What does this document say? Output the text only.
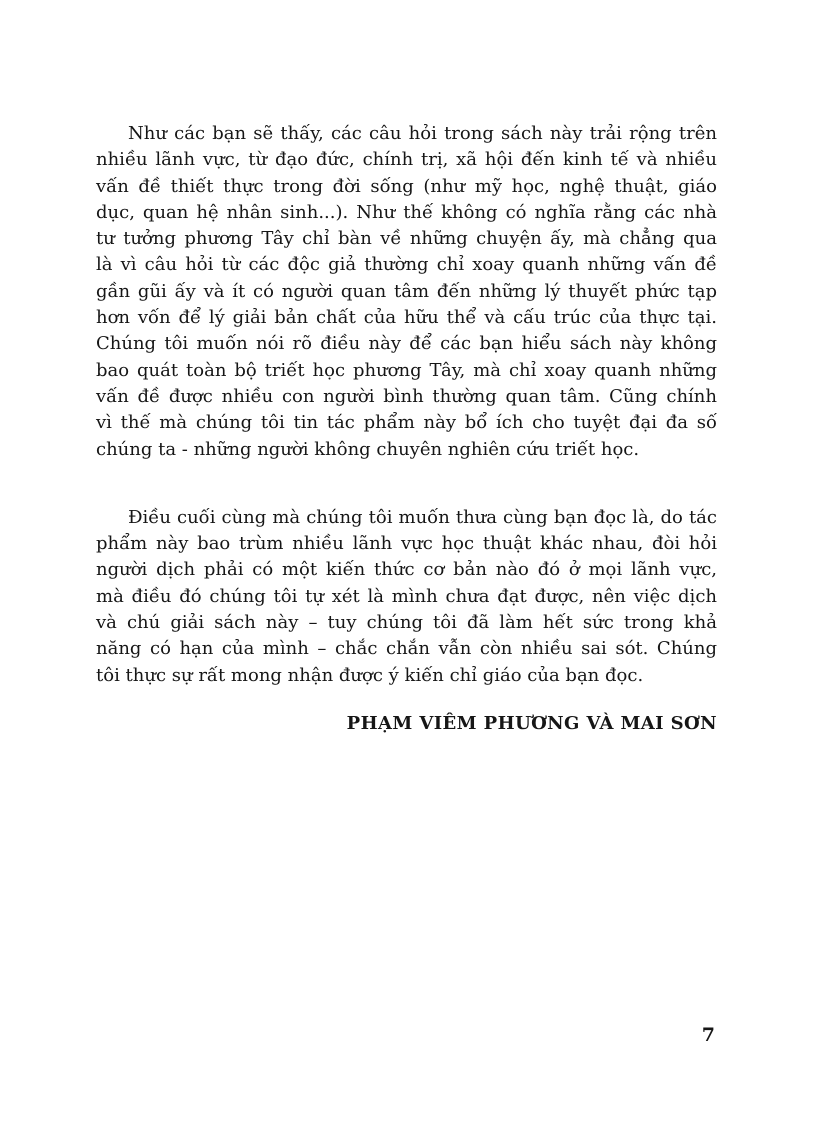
Như các bạn sẽ thấy, các câu hỏi trong sách này trải rộng trên
nhiều lãnh vực, từ đạo đức, chính trị, xã hội đến kinh tế và nhiều
vấn đề thiết thực trong đời sống (như mỹ học, nghệ thuật, giáo
dục, quan hệ nhân sinh...). Như thế không có nghĩa rằng các nhà
tư tưởng phương Tây chỉ bàn về những chuyện ấy, mà chẳng qua
là vì câu hỏi từ các độc giả thường chỉ xoay quanh những vấn đề
gần gũi ấy và ít có người quan tâm đến những lý thuyết phức tạp
hơn vốn để lý giải bản chất của hữu thể và cấu trúc của thực tại.
Chúng tôi muốn nói rõ điều này để các bạn hiểu sách này không
bao quát toàn bộ triết học phương Tây, mà chỉ xoay quanh những
vấn đề được nhiều con người bình thường quan tâm. Cũng chính
vì thế mà chúng tôi tin tác phẩm này bổ ích cho tuyệt đại đa số
chúng ta - những người không chuyên nghiên cứu triết học.
Điều cuối cùng mà chúng tôi muốn thưa cùng bạn đọc là, do tác
phẩm này bao trùm nhiều lãnh vực học thuật khác nhau, đòi hỏi
người dịch phải có một kiến thức cơ bản nào đó ở mọi lãnh vực,
mà điều đó chúng tôi tự xét là mình chưa đạt được, nên việc dịch
và chú giải sách này – tuy chúng tôi đã làm hết sức trong khả
năng có hạn của mình – chắc chắn vẫn còn nhiều sai sót. Chúng
tôi thực sự rất mong nhận được ý kiến chỉ giáo của bạn đọc.
PHẠM VIÊM PHƯƠNG VÀ MAI SƠN
7
